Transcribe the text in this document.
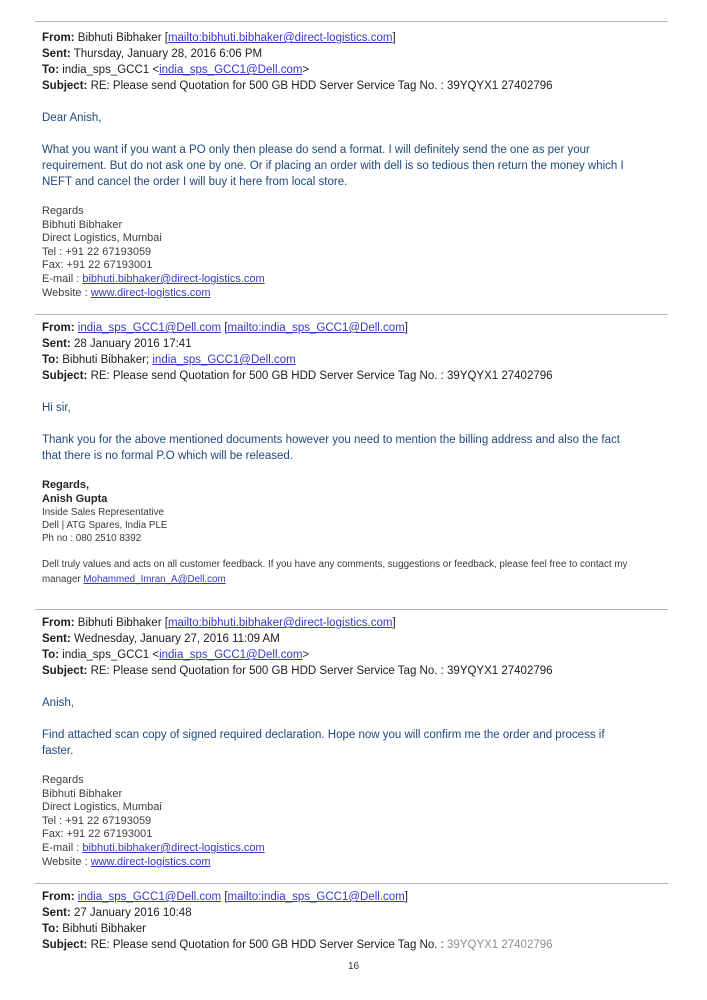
From: Bibhuti Bibhaker [mailto:bibhuti.bibhaker@direct-logistics.com]
Sent: Thursday, January 28, 2016 6:06 PM
To: india_sps_GCC1 <india_sps_GCC1@Dell.com>
Subject: RE: Please send Quotation for 500 GB HDD Server Service Tag No. : 39YQYX1 27402796
Dear Anish,
What you want if you want a PO only then please do send a format. I will definitely send the one as per your
requirement. But do not ask one by one. Or if placing an order with dell is so tedious then return the money which I
NEFT and cancel the order I will buy it here from local store.
Regards
Bibhuti Bibhaker
Direct Logistics, Mumbai
Tel : +91 22 67193059
Fax: +91 22 67193001
E-mail : bibhuti.bibhaker@direct-logistics.com
Website : www.direct-logistics.com
From: india_sps_GCC1@Dell.com [mailto:india_sps_GCC1@Dell.com]
Sent: 28 January 2016 17:41
To: Bibhuti Bibhaker; india_sps_GCC1@Dell.com
Subject: RE: Please send Quotation for 500 GB HDD Server Service Tag No. : 39YQYX1 27402796
Hi sir,
Thank you for the above mentioned documents however you need to mention the billing address and also the fact
that there is no formal P.O which will be released.
Regards,
Anish Gupta
Inside Sales Representative
Dell | ATG Spares, India PLE
Ph no : 080 2510 8392
Dell truly values and acts on all customer feedback. If you have any comments, suggestions or feedback, please feel free to contact my
manager Mohammed_Imran_A@Dell.com
From: Bibhuti Bibhaker [mailto:bibhuti.bibhaker@direct-logistics.com]
Sent: Wednesday, January 27, 2016 11:09 AM
To: india_sps_GCC1 <india_sps_GCC1@Dell.com>
Subject: RE: Please send Quotation for 500 GB HDD Server Service Tag No. : 39YQYX1 27402796
Anish,
Find attached scan copy of signed required declaration. Hope now you will confirm me the order and process if
faster.
Regards
Bibhuti Bibhaker
Direct Logistics, Mumbai
Tel : +91 22 67193059
Fax: +91 22 67193001
E-mail : bibhuti.bibhaker@direct-logistics.com
Website : www.direct-logistics.com
From: india_sps_GCC1@Dell.com [mailto:india_sps_GCC1@Dell.com]
Sent: 27 January 2016 10:48
To: Bibhuti Bibhaker
Subject: RE: Please send Quotation for 500 GB HDD Server Service Tag No. : 39YQYX1 27402796
16
